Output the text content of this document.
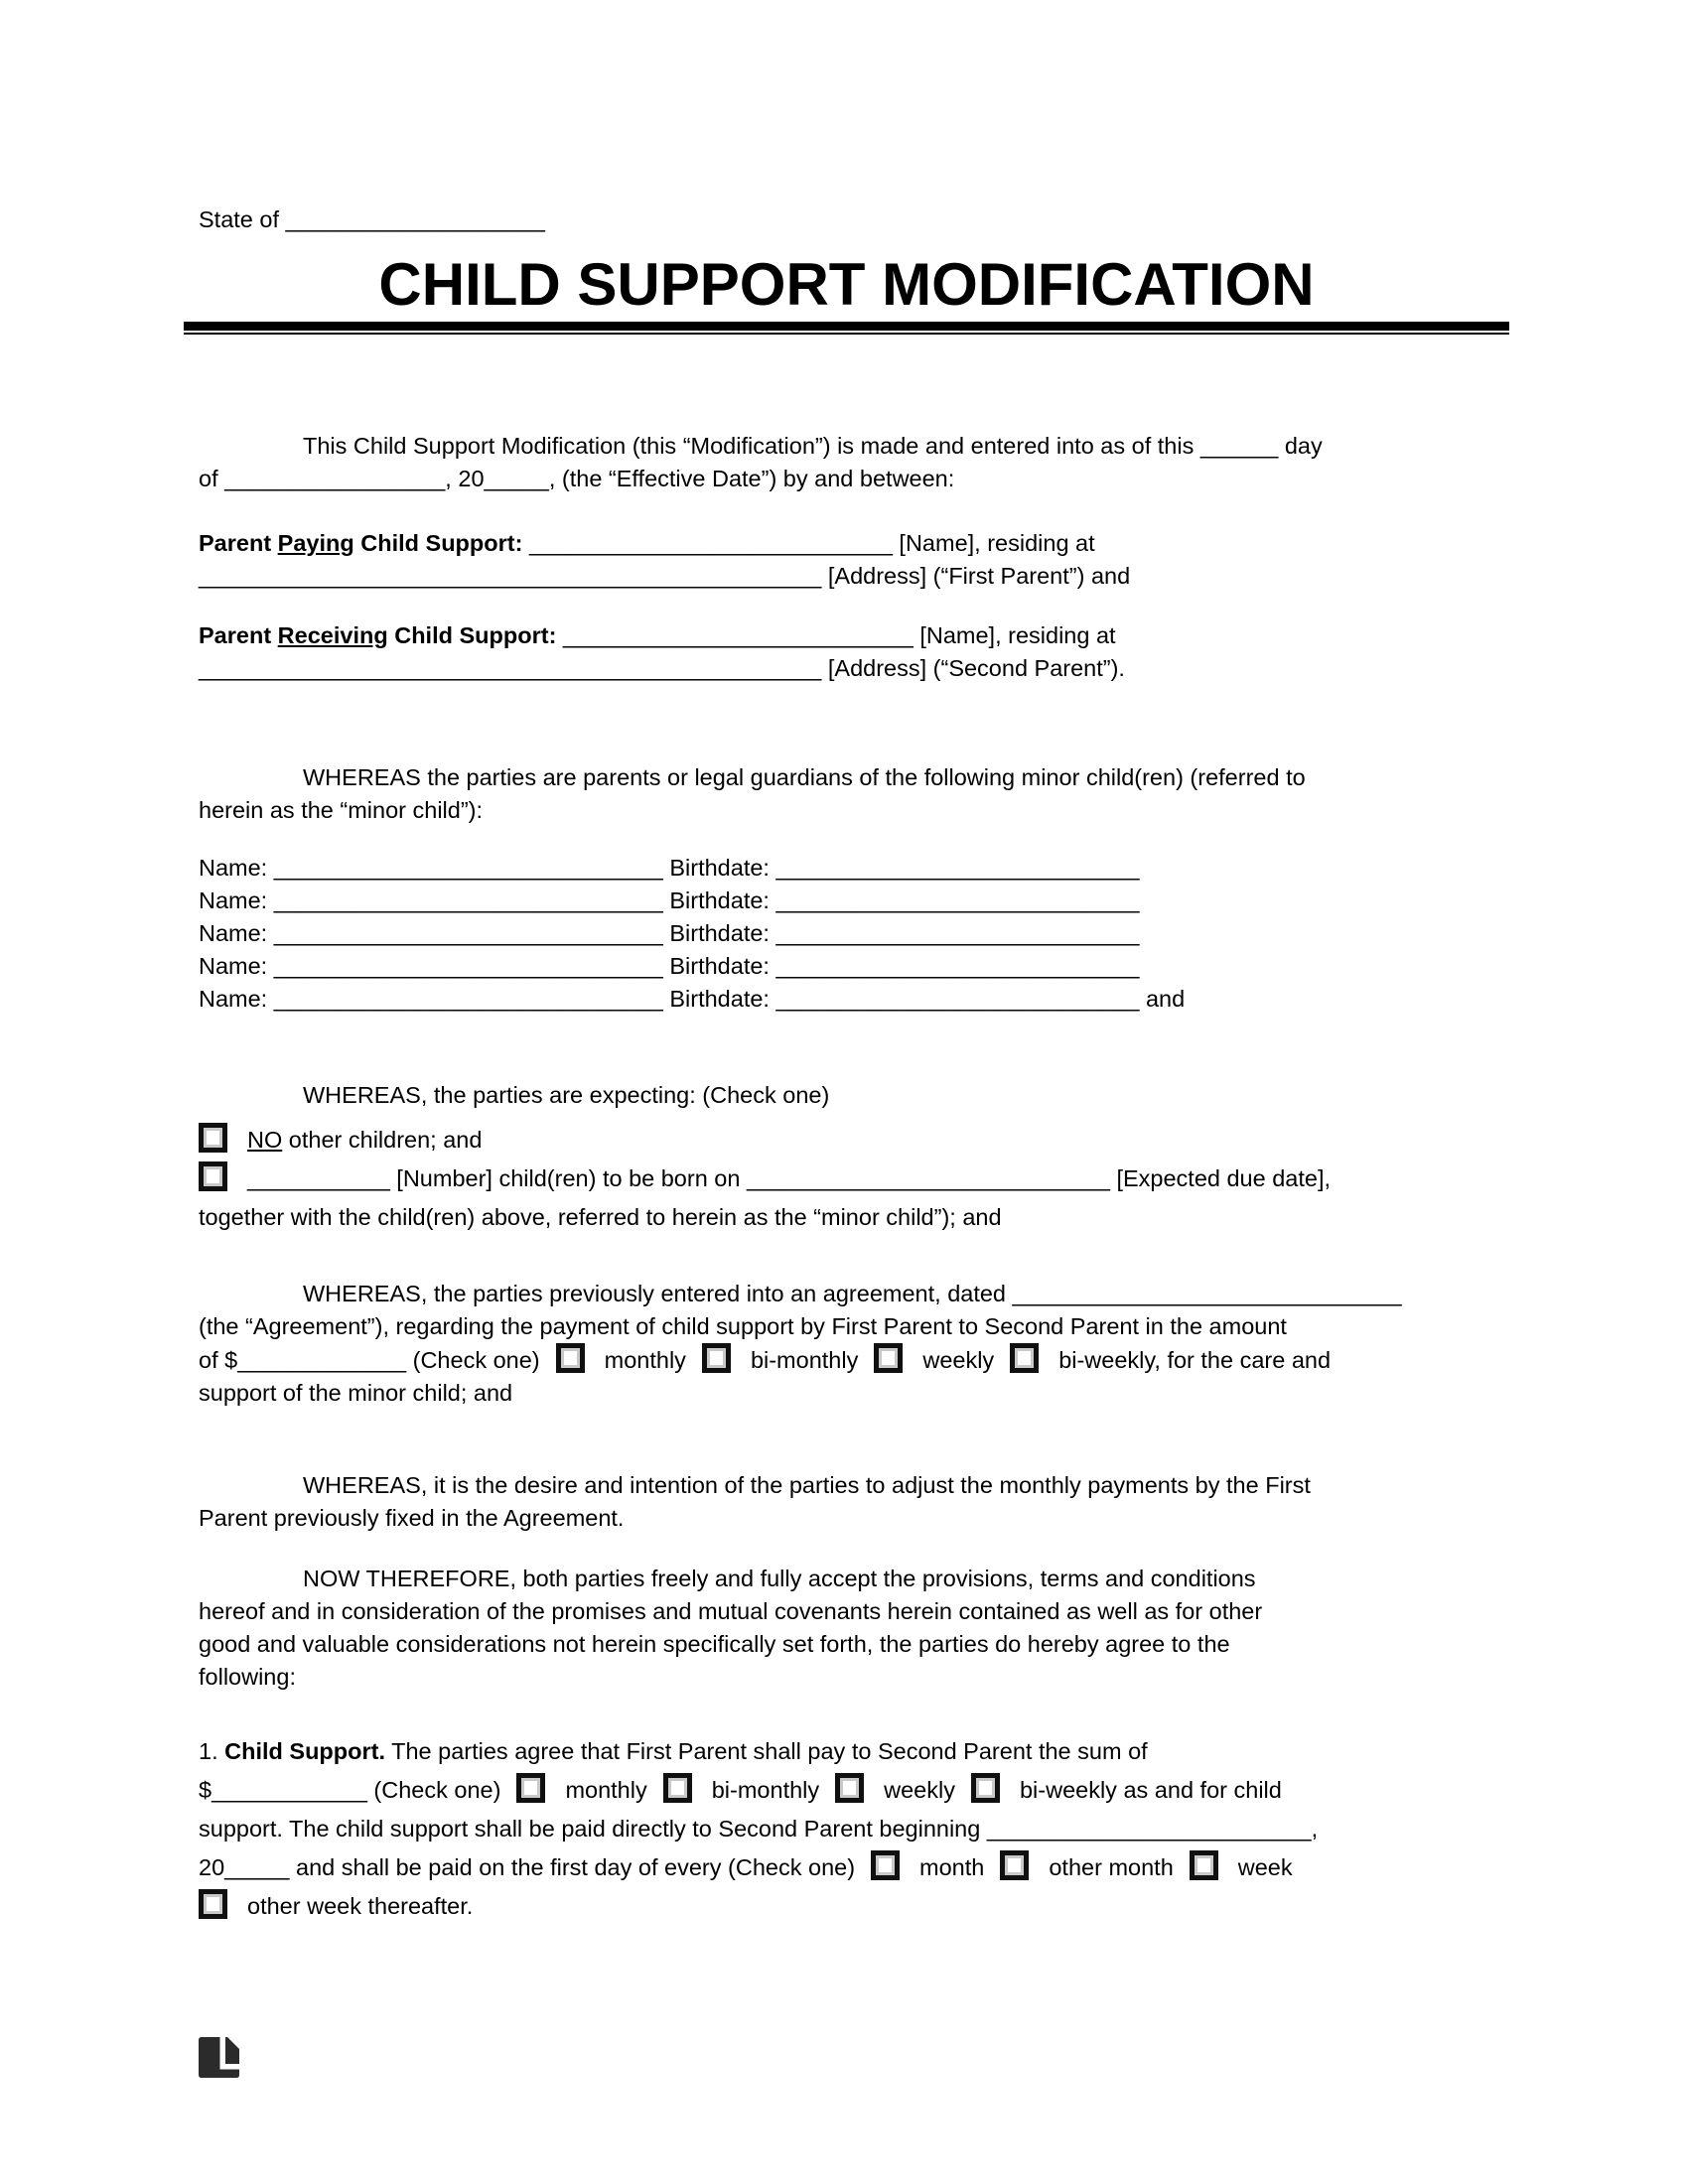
State of ____________________
CHILD SUPPORT MODIFICATION
This Child Support Modification (this “Modification”) is made and entered into as of this ______ day
of _________________, 20_____, (the “Effective Date”) by and between:
Parent Paying Child Support: ____________________________ [Name], residing at
________________________________________________ [Address] (“First Parent”) and
Parent Receiving Child Support: ___________________________ [Name], residing at
________________________________________________ [Address] (“Second Parent”).
WHEREAS the parties are parents or legal guardians of the following minor child(ren) (referred to
herein as the “minor child”):
Name: ______________________________ Birthdate: ____________________________
Name: ______________________________ Birthdate: ____________________________
Name: ______________________________ Birthdate: ____________________________
Name: ______________________________ Birthdate: ____________________________
Name: ______________________________ Birthdate: ____________________________ and
WHEREAS, the parties are expecting: (Check one)
NO other children; and
___________ [Number] child(ren) to be born on ____________________________ [Expected due date],
together with the child(ren) above, referred to herein as the “minor child”); and
WHEREAS, the parties previously entered into an agreement, dated ______________________________
(the “Agreement”), regarding the payment of child support by First Parent to Second Parent in the amount
of $_____________ (Check one)	monthly	bi-monthly	weekly	bi-weekly, for the care and
support of the minor child; and
WHEREAS, it is the desire and intention of the parties to adjust the monthly payments by the First
Parent previously fixed in the Agreement.
NOW THEREFORE, both parties freely and fully accept the provisions, terms and conditions
hereof and in consideration of the promises and mutual covenants herein contained as well as for other
good and valuable considerations not herein specifically set forth, the parties do hereby agree to the
following:
1. Child Support. The parties agree that First Parent shall pay to Second Parent the sum of
$____________ (Check one)	monthly	bi-monthly	weekly	bi-weekly as and for child
support. The child support shall be paid directly to Second Parent beginning _________________________,
20_____ and shall be paid on the first day of every (Check one)	month	other month	week
other week thereafter.
